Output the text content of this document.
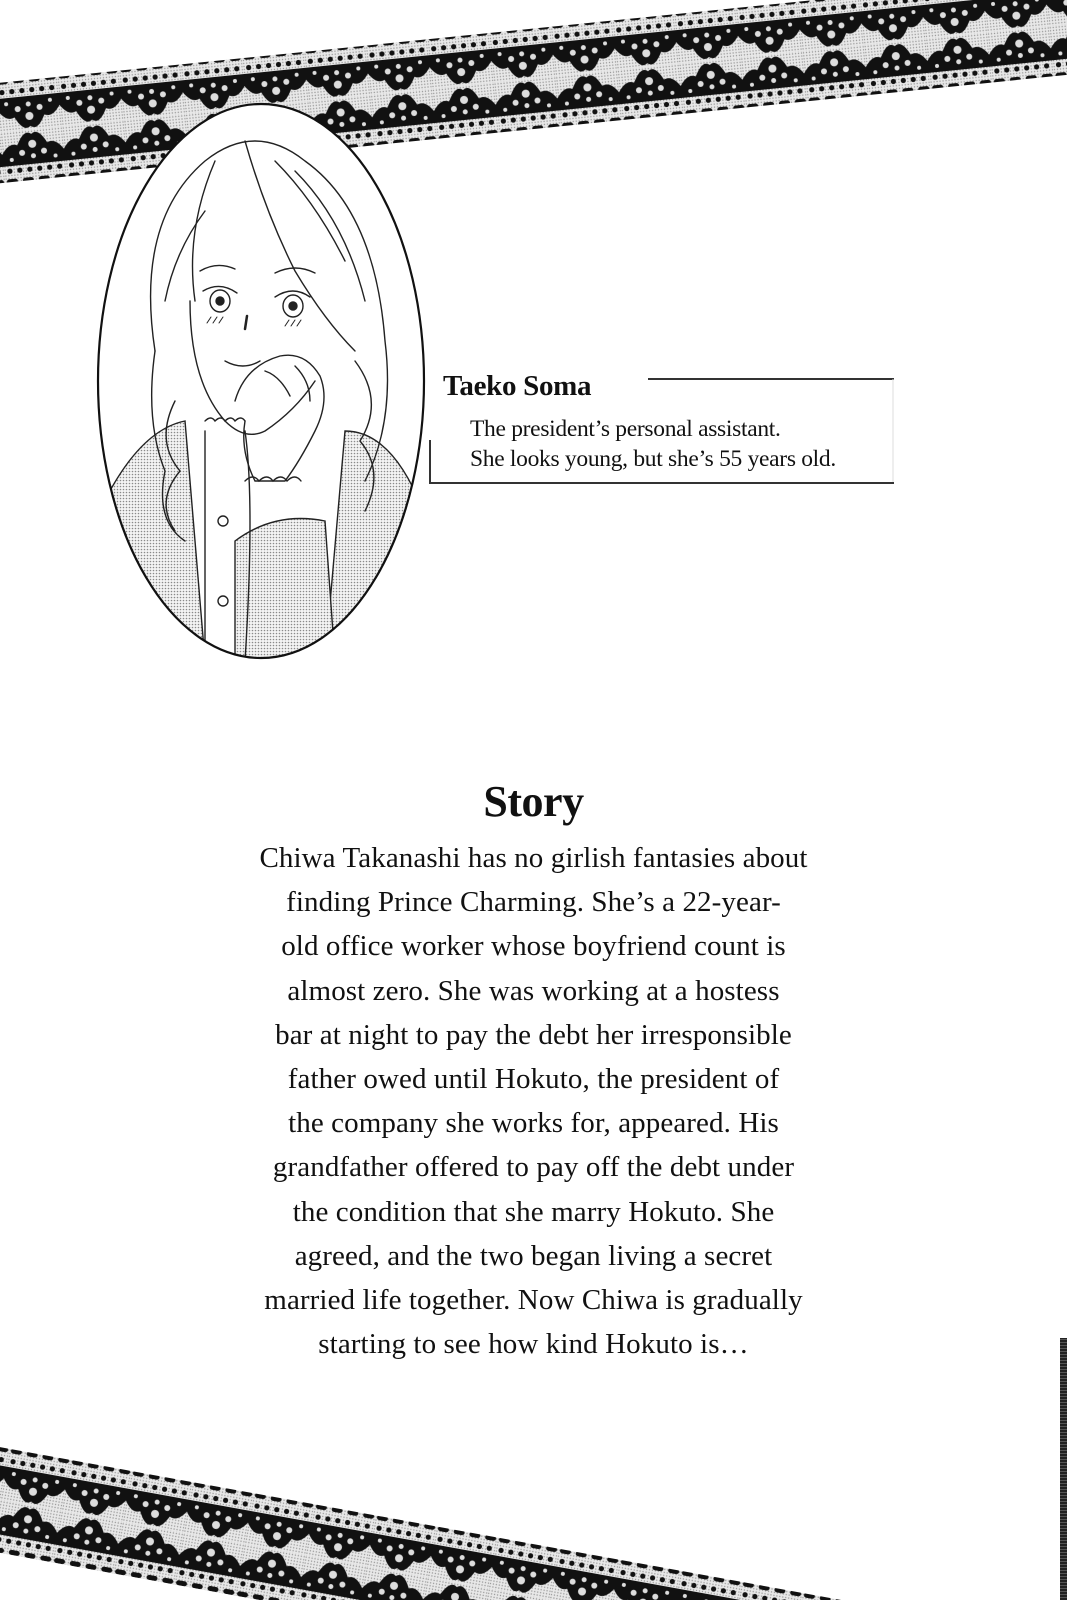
Taeko Soma
The president’s personal assistant.
She looks young, but she’s 55 years old.
Story
Chiwa Takanashi has no girlish fantasies about
finding Prince Charming. She’s a 22-year-
old office worker whose boyfriend count is
almost zero. She was working at a hostess
bar at night to pay the debt her irresponsible
father owed until Hokuto, the president of
the company she works for, appeared. His
grandfather offered to pay off the debt under
the condition that she marry Hokuto. She
agreed, and the two began living a secret
married life together. Now Chiwa is gradually
starting to see how kind Hokuto is…
